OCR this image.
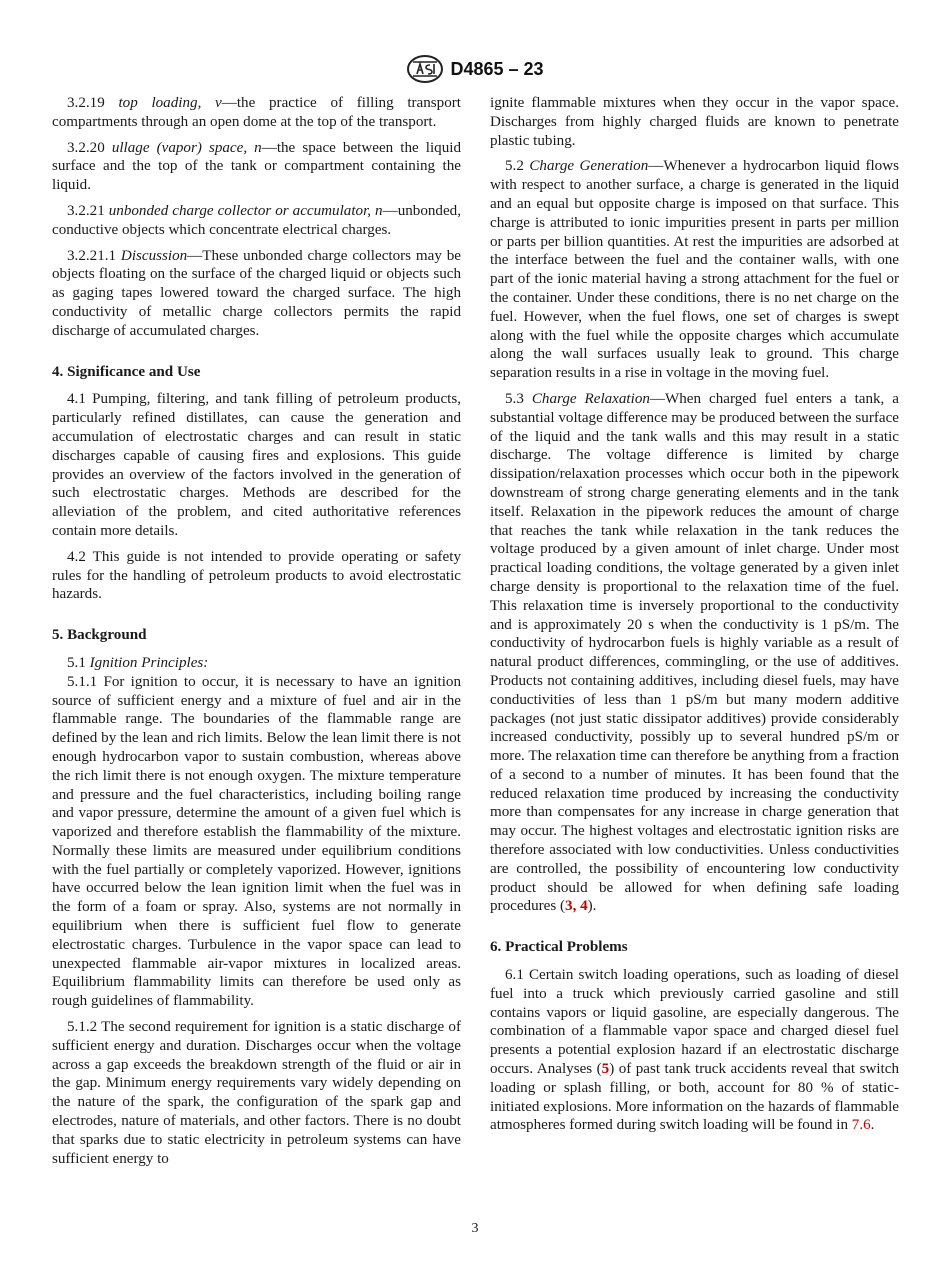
D4865 – 23

3.2.19 top loading, v—the practice of filling transport compartments through an open dome at the top of the transport.

3.2.20 ullage (vapor) space, n—the space between the liquid surface and the top of the tank or compartment containing the liquid.

3.2.21 unbonded charge collector or accumulator, n—unbonded, conductive objects which concentrate electrical charges.

3.2.21.1 Discussion—These unbonded charge collectors may be objects floating on the surface of the charged liquid or objects such as gaging tapes lowered toward the charged surface. The high conductivity of metallic charge collectors permits the rapid discharge of accumulated charges.

4. Significance and Use

4.1 Pumping, filtering, and tank filling of petroleum products, particularly refined distillates, can cause the generation and accumulation of electrostatic charges and can result in static discharges capable of causing fires and explosions. This guide provides an overview of the factors involved in the generation of such electrostatic charges. Methods are described for the alleviation of the problem, and cited authoritative references contain more details.

4.2 This guide is not intended to provide operating or safety rules for the handling of petroleum products to avoid electrostatic hazards.

5. Background

5.1 Ignition Principles:

5.1.1 For ignition to occur, it is necessary to have an ignition source of sufficient energy and a mixture of fuel and air in the flammable range. The boundaries of the flammable range are defined by the lean and rich limits. Below the lean limit there is not enough hydrocarbon vapor to sustain combustion, whereas above the rich limit there is not enough oxygen. The mixture temperature and pressure and the fuel characteristics, including boiling range and vapor pressure, determine the amount of a given fuel which is vaporized and therefore establish the flammability of the mixture. Normally these limits are measured under equilibrium conditions with the fuel partially or completely vaporized. However, ignitions have occurred below the lean ignition limit when the fuel was in the form of a foam or spray. Also, systems are not normally in equilibrium when there is sufficient fuel flow to generate electrostatic charges. Turbulence in the vapor space can lead to unexpected flammable air-vapor mixtures in localized areas. Equilibrium flammability limits can therefore be used only as rough guidelines of flammability.

5.1.2 The second requirement for ignition is a static discharge of sufficient energy and duration. Discharges occur when the voltage across a gap exceeds the breakdown strength of the fluid or air in the gap. Minimum energy requirements vary widely depending on the nature of the spark, the configuration of the spark gap and electrodes, nature of materials, and other factors. There is no doubt that sparks due to static electricity in petroleum systems can have sufficient energy to

ignite flammable mixtures when they occur in the vapor space. Discharges from highly charged fluids are known to penetrate plastic tubing.

5.2 Charge Generation—Whenever a hydrocarbon liquid flows with respect to another surface, a charge is generated in the liquid and an equal but opposite charge is imposed on that surface. This charge is attributed to ionic impurities present in parts per million or parts per billion quantities. At rest the impurities are adsorbed at the interface between the fuel and the container walls, with one part of the ionic material having a strong attachment for the fuel or the container. Under these conditions, there is no net charge on the fuel. However, when the fuel flows, one set of charges is swept along with the fuel while the opposite charges which accumulate along the wall surfaces usually leak to ground. This charge separation results in a rise in voltage in the moving fuel.

5.3 Charge Relaxation—When charged fuel enters a tank, a substantial voltage difference may be produced between the surface of the liquid and the tank walls and this may result in a static discharge. The voltage difference is limited by charge dissipation/relaxation processes which occur both in the pipework downstream of strong charge generating elements and in the tank itself. Relaxation in the pipework reduces the amount of charge that reaches the tank while relaxation in the tank reduces the voltage produced by a given amount of inlet charge. Under most practical loading conditions, the voltage generated by a given inlet charge density is proportional to the relaxation time of the fuel. This relaxation time is inversely proportional to the conductivity and is approximately 20 s when the conductivity is 1 pS/m. The conductivity of hydrocarbon fuels is highly variable as a result of natural product differences, commingling, or the use of additives. Products not containing additives, including diesel fuels, may have conductivities of less than 1 pS/m but many modern additive packages (not just static dissipator additives) provide considerably increased conductivity, possibly up to several hundred pS/m or more. The relaxation time can therefore be anything from a fraction of a second to a number of minutes. It has been found that the reduced relaxation time produced by increasing the conductivity more than compensates for any increase in charge generation that may occur. The highest voltages and electrostatic ignition risks are therefore associated with low conductivities. Unless conductivities are controlled, the possibility of encountering low conductivity product should be allowed for when defining safe loading procedures (3, 4).

6. Practical Problems

6.1 Certain switch loading operations, such as loading of diesel fuel into a truck which previously carried gasoline and still contains vapors or liquid gasoline, are especially dangerous. The combination of a flammable vapor space and charged diesel fuel presents a potential explosion hazard if an electrostatic discharge occurs. Analyses (5) of past tank truck accidents reveal that switch loading or splash filling, or both, account for 80 % of static-initiated explosions. More information on the hazards of flammable atmospheres formed during switch loading will be found in 7.6.

3
